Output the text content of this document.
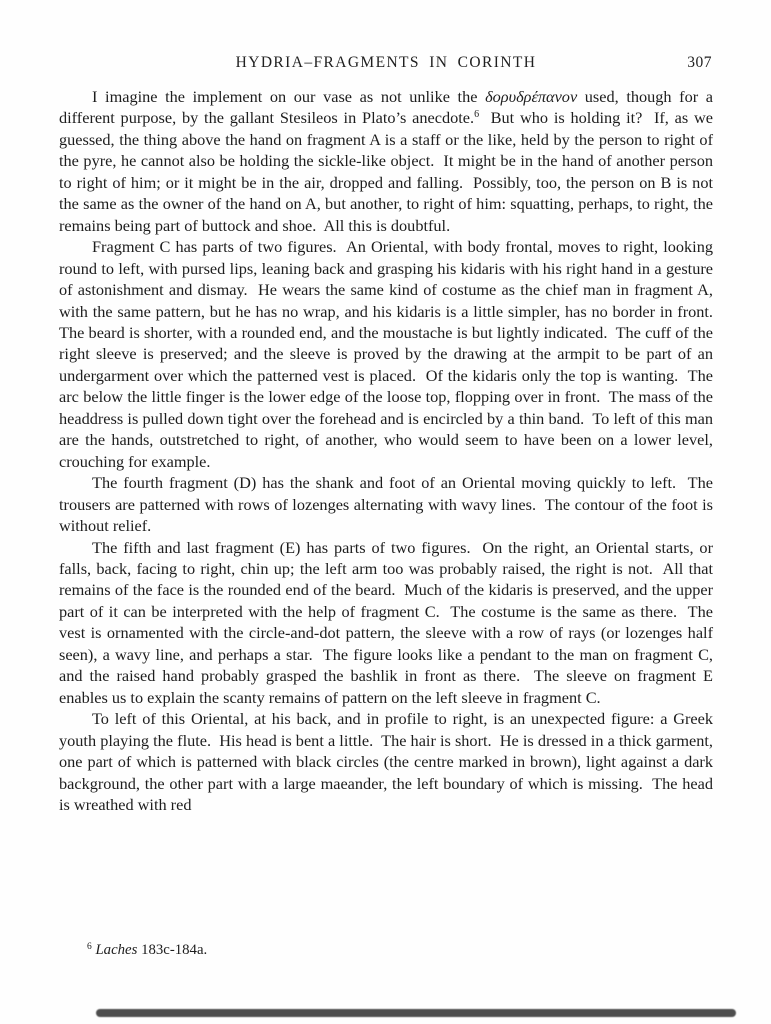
HYDRIA–FRAGMENTS IN CORINTH	307

I imagine the implement on our vase as not unlike the δορυδρέπανον used, though for a different purpose, by the gallant Stesileos in Plato’s anecdote.$^6$  But who is holding it?  If, as we guessed, the thing above the hand on fragment A is a staff or the like, held by the person to right of the pyre, he cannot also be holding the sickle-like object.  It might be in the hand of another person to right of him; or it might be in the air, dropped and falling.  Possibly, too, the person on B is not the same as the owner of the hand on A, but another, to right of him: squatting, perhaps, to right, the remains being part of buttock and shoe.  All this is doubtful.

Fragment C has parts of two figures.  An Oriental, with body frontal, moves to right, looking round to left, with pursed lips, leaning back and grasping his kidaris with his right hand in a gesture of astonishment and dismay.  He wears the same kind of costume as the chief man in fragment A, with the same pattern, but he has no wrap, and his kidaris is a little simpler, has no border in front.  The beard is shorter, with a rounded end, and the moustache is but lightly indicated.  The cuff of the right sleeve is preserved; and the sleeve is proved by the drawing at the armpit to be part of an undergarment over which the patterned vest is placed.  Of the kidaris only the top is wanting.  The arc below the little finger is the lower edge of the loose top, flopping over in front.  The mass of the headdress is pulled down tight over the forehead and is encircled by a thin band.  To left of this man are the hands, outstretched to right, of another, who would seem to have been on a lower level, crouching for example.

The fourth fragment (D) has the shank and foot of an Oriental moving quickly to left.  The trousers are patterned with rows of lozenges alternating with wavy lines.  The contour of the foot is without relief.

The fifth and last fragment (E) has parts of two figures.  On the right, an Oriental starts, or falls, back, facing to right, chin up; the left arm too was probably raised, the right is not.  All that remains of the face is the rounded end of the beard.  Much of the kidaris is preserved, and the upper part of it can be interpreted with the help of fragment C.  The costume is the same as there.  The vest is ornamented with the circle-and-dot pattern, the sleeve with a row of rays (or lozenges half seen), a wavy line, and perhaps a star.  The figure looks like a pendant to the man on fragment C, and the raised hand probably grasped the bashlik in front as there.  The sleeve on fragment E enables us to explain the scanty remains of pattern on the left sleeve in fragment C.

To left of this Oriental, at his back, and in profile to right, is an unexpected figure: a Greek youth playing the flute.  His head is bent a little.  The hair is short.  He is dressed in a thick garment, one part of which is patterned with black circles (the centre marked in brown), light against a dark background, the other part with a large maeander, the left boundary of which is missing.  The head is wreathed with red

$^6$ Laches 183c-184a.
